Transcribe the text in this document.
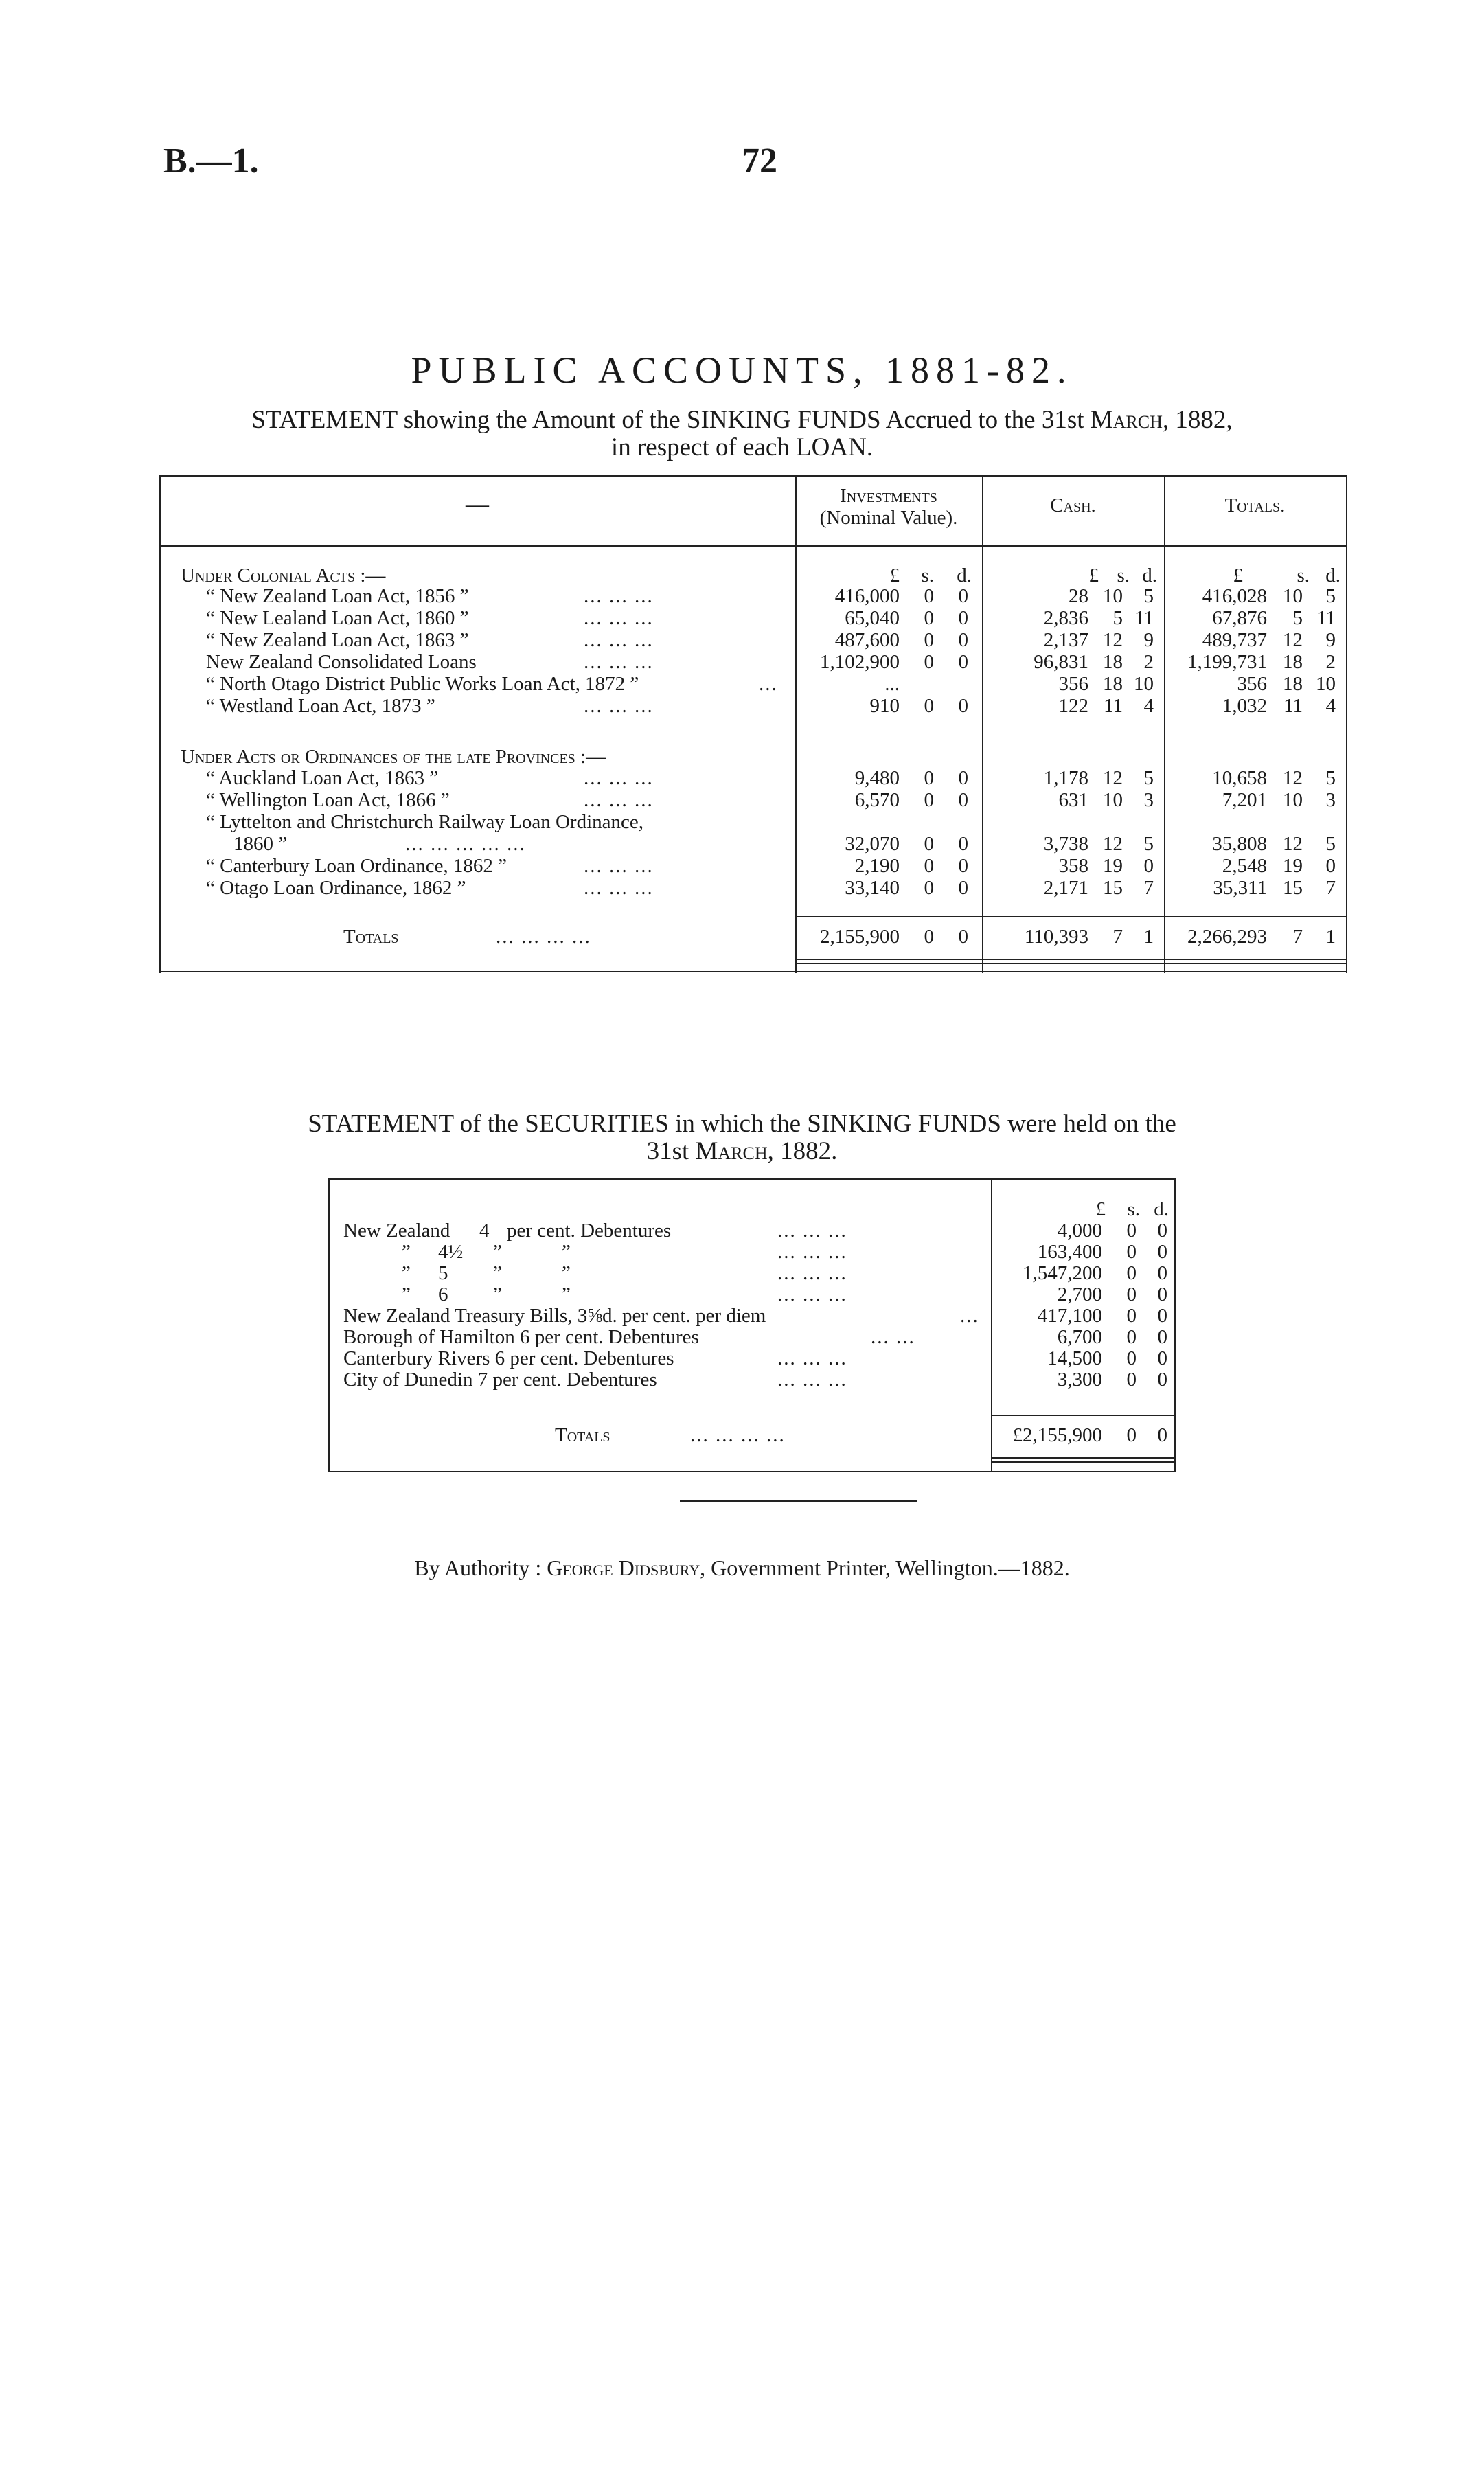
B.—1.	72
PUBLIC ACCOUNTS, 1881-82.
STATEMENT showing the Amount of the SINKING FUNDS Accrued to the 31st March, 1882,
in respect of each LOAN.
—	Investments
(Nominal Value).
Cash.	Totals.
£	s.	d.	£ s. d.	£	s. d.
Under Colonial Acts :—
“ New Zealand Loan Act, 1856 ”	... ... ...	416,000	0	0	28 10	5	416,028 10	5
“ New Lealand Loan Act, 1860 ”	... ... ...	65,040	0	0	2,836	5 11	67,876	5 11
“ New Zealand Loan Act, 1863 ”	... ... ...	487,600	0	0	2,137 12	9	489,737 12	9
New Zealand Consolidated Loans	... ... ...	1,102,900	0	0	96,831 18	2	1,199,731 18	2
“ North Otago District Public Works Loan Act, 1872 ”	...	...	356 18 10	356 18 10
“ Westland Loan Act, 1873 ”	... ... ...	910	0	0	122 11	4	1,032 11	4
Under Acts or Ordinances of the late Provinces :—
“ Auckland Loan Act, 1863 ”	... ... ...	9,480	0	0	1,178 12	5	10,658 12	5
“ Wellington Loan Act, 1866 ”	... ... ...	6,570	0	0	631 10	3	7,201 10	3
“ Lyttelton and Christchurch Railway Loan Ordinance,
1860 ”	... ... ... ... ...	32,070	0	0	3,738 12	5	35,808 12	5
“ Canterbury Loan Ordinance, 1862 ”	... ... ...	2,190	0	0	358 19	0	2,548 19	0
“ Otago Loan Ordinance, 1862 ”	... ... ...	33,140	0	0	2,171 15	7	35,311 15	7
Totals	... ... ... ...	2,155,900	0	0	110,393	7	1	2,266,293	7	1
STATEMENT of the SECURITIES in which the SINKING FUNDS were held on the
31st March, 1882.
£	s. d.
New Zealand 4 per cent. Debentures	... ... ...	4,000	0	0
” 4½ ”	”	... ... ...	163,400	0	0
” 5 ”	”	... ... ...	1,547,200	0	0
” 6 ”	”	... ... ...	2,700	0	0
New Zealand Treasury Bills, 3⅝d. per cent. per diem	...	417,100	0	0
Borough of Hamilton 6 per cent. Debentures	... ...	6,700	0	0
Canterbury Rivers 6 per cent. Debentures	... ... ...	14,500	0	0
City of Dunedin 7 per cent. Debentures	... ... ...	3,300	0	0
Totals	... ... ... ...	£2,155,900	0	0
By Authority : George Didsbury, Government Printer, Wellington.—1882.
